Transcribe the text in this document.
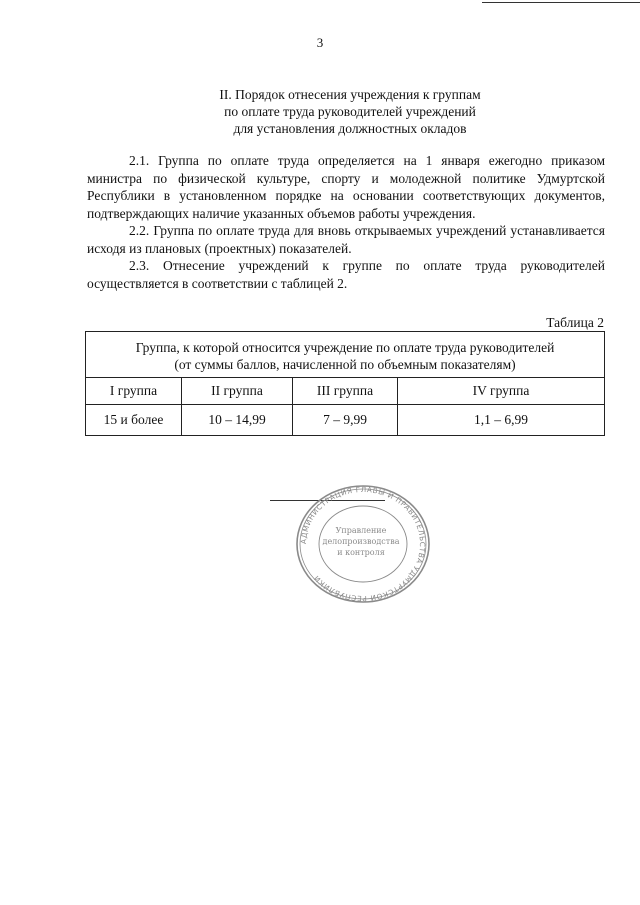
3
II. Порядок отнесения учреждения к группам
по оплате труда руководителей учреждений
для установления должностных окладов

2.1. Группа по оплате труда определяется на 1 января ежегодно приказом министра по физической культуре, спорту и молодежной политике Удмуртской Республики в установленном порядке на основании соответствующих документов, подтверждающих наличие указанных объемов работы учреждения.

2.2. Группа по оплате труда для вновь открываемых учреждений устанавливается исходя из плановых (проектных) показателей.

2.3. Отнесение учреждений к группе по оплате труда руководителей осуществляется в соответствии с таблицей 2.

Таблица 2
Группа, к которой относится учреждение по оплате труда руководителей
(от суммы баллов, начисленной по объемным показателям)			

I группа	II группа	III группа	IV группа
15 и более	10 – 14,99	7 – 9,99	1,1 – 6,99
АДМИНИСТРАЦИЯ ГЛАВЫ И ПРАВИТЕЛЬСТВА УДМУРТСКОЙ РЕСПУБЛИКИ
Управление
делопроизводства
и контроля
